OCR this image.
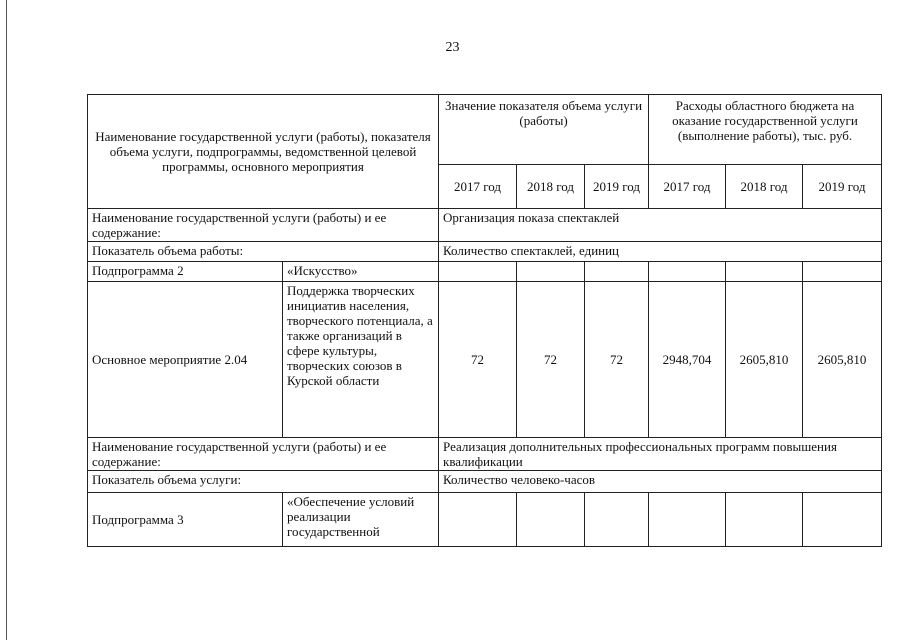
23
Наименование государственной услуги (работы), показателя объема услуги, подпрограммы, ведомственной целевой программы, основного мероприятия		Значение показателя объема услуги (работы)			Расходы областного бюджета на оказание государственной услуги (выполнение работы), тыс. руб.		
		2017 год	2018 год	2019 год	2017 год	2018 год	2019 год
Наименование государственной услуги (работы) и ее содержание:		Организация показа спектаклей					
Показатель объема работы:		Количество спектаклей, единиц					
Подпрограмма 2	«Искусство»						
Основное мероприятие 2.04	Поддержка творческих инициатив населения, творческого потенциала, а также организаций в сфере культуры, творческих союзов в Курской области	72	72	72	2948,704	2605,810	2605,810
Наименование государственной услуги (работы) и ее содержание:		Реализация дополнительных профессиональных программ повышения квалификации					
Показатель объема услуги:		Количество человеко-часов					
Подпрограмма 3	«Обеспечение условий реализации государственной						
